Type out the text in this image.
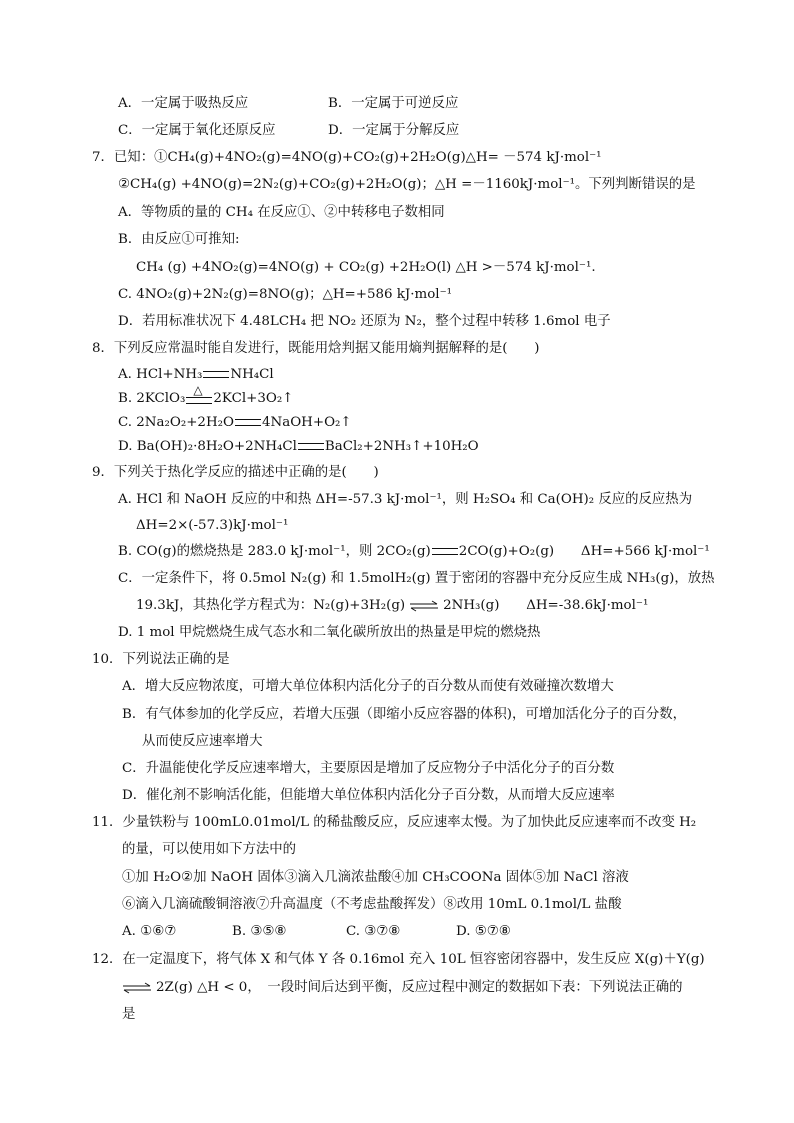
A．一定属于吸热反应	B．一定属于可逆反应
C．一定属于氧化还原反应	D．一定属于分解反应
7．已知：①CH₄(g)+4NO₂(g)=4NO(g)+CO₂(g)+2H₂O(g)△H= －574 kJ·mol⁻¹
②CH₄(g) +4NO(g)=2N₂(g)+CO₂(g)+2H₂O(g)；△H =－1160kJ·mol⁻¹。下列判断错误的是
A．等物质的量的 CH₄ 在反应①、②中转移电子数相同
B．由反应①可推知:
CH₄ (g) +4NO₂(g)=4NO(g) + CO₂(g) +2H₂O(l) △H >－574 kJ·mol⁻¹.
C. 4NO₂(g)+2N₂(g)=8NO(g)；△H=+586 kJ·mol⁻¹
D．若用标准状况下 4.48LCH₄ 把 NO₂ 还原为 N₂，整个过程中转移 1.6mol 电子
8．下列反应常温时能自发进行，既能用焓判据又能用熵判据解释的是(　　)
A. HCl+NH₃ NH₄Cl
B. 2KClO₃
△
2KCl+3O₂↑
C. 2Na₂O₂+2H₂O 4NaOH+O₂↑
D. Ba(OH)₂·8H₂O+2NH₄Cl BaCl₂+2NH₃↑+10H₂O
9．下列关于热化学反应的描述中正确的是(　　)
A. HCl 和 NaOH 反应的中和热 ΔH=-57.3 kJ·mol⁻¹，则 H₂SO₄ 和 Ca(OH)₂ 反应的反应热为
ΔH=2×(-57.3)kJ·mol⁻¹
B. CO(g)的燃烧热是 283.0 kJ·mol⁻¹，则 2CO₂(g) 2CO(g)+O₂(g)　　ΔH=+566 kJ·mol⁻¹
C．一定条件下，将 0.5mol N₂(g) 和 1.5molH₂(g) 置于密闭的容器中充分反应生成 NH₃(g)，放热
19.3kJ，其热化学方程式为：N₂(g)+3H₂(g) ⇌ 2NH₃(g)　　ΔH=-38.6kJ·mol⁻¹
D. 1 mol 甲烷燃烧生成气态水和二氧化碳所放出的热量是甲烷的燃烧热
10．下列说法正确的是
A．增大反应物浓度，可增大单位体积内活化分子的百分数从而使有效碰撞次数增大
B．有气体参加的化学反应，若增大压强（即缩小反应容器的体积)，可增加活化分子的百分数，
从而使反应速率增大
C．升温能使化学反应速率增大，主要原因是增加了反应物分子中活化分子的百分数
D．催化剂不影响活化能，但能增大单位体积内活化分子百分数，从而增大反应速率
11．少量铁粉与 100mL0.01mol/L 的稀盐酸反应，反应速率太慢。为了加快此反应速率而不改变 H₂
的量，可以使用如下方法中的
①加 H₂O②加 NaOH 固体③滴入几滴浓盐酸④加 CH₃COONa 固体⑤加 NaCl 溶液
⑥滴入几滴硫酸铜溶液⑦升高温度（不考虑盐酸挥发）⑧改用 10mL 0.1mol/L 盐酸
A. ①⑥⑦	B. ③⑤⑧	C. ③⑦⑧	D. ⑤⑦⑧
12．在一定温度下，将气体 X 和气体 Y 各 0.16mol 充入 10L 恒容密闭容器中，发生反应 X(g)＋Y(g)
⇌ 2Z(g) △H < 0，　一段时间后达到平衡，反应过程中测定的数据如下表：下列说法正确的
是
